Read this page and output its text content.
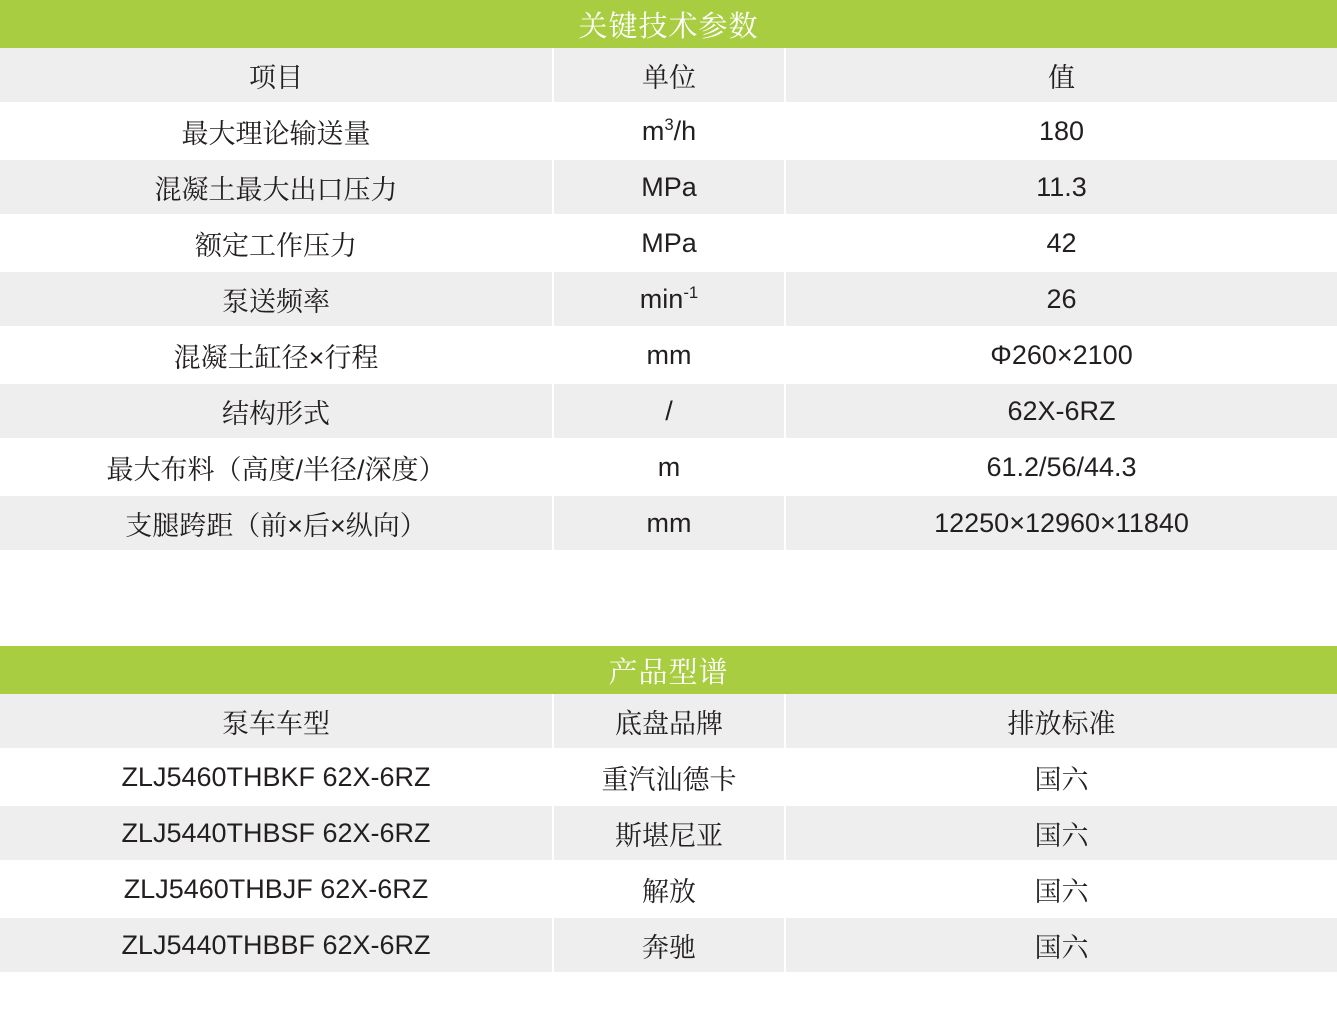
关键技术参数		
项目	单位	值
最大理论输送量	$m^3/h$	180
混凝土最大出口压力	MPa	11.3
额定工作压力	MPa	42
泵送频率	$\min^{-1}$	26
混凝土缸径×行程	mm	Φ260×2100
结构形式	/	62X-6RZ
最大布料（高度/半径/深度）	m	61.2/56/44.3
支腿跨距（前×后×纵向）	mm	12250×12960×11840
产品型谱		
泵车车型	底盘品牌	排放标准
ZLJ5460THBKF 62X-6RZ	重汽汕德卡	国六
ZLJ5440THBSF 62X-6RZ	斯堪尼亚	国六
ZLJ5460THBJF 62X-6RZ	解放	国六
ZLJ5440THBBF 62X-6RZ	奔驰	国六
